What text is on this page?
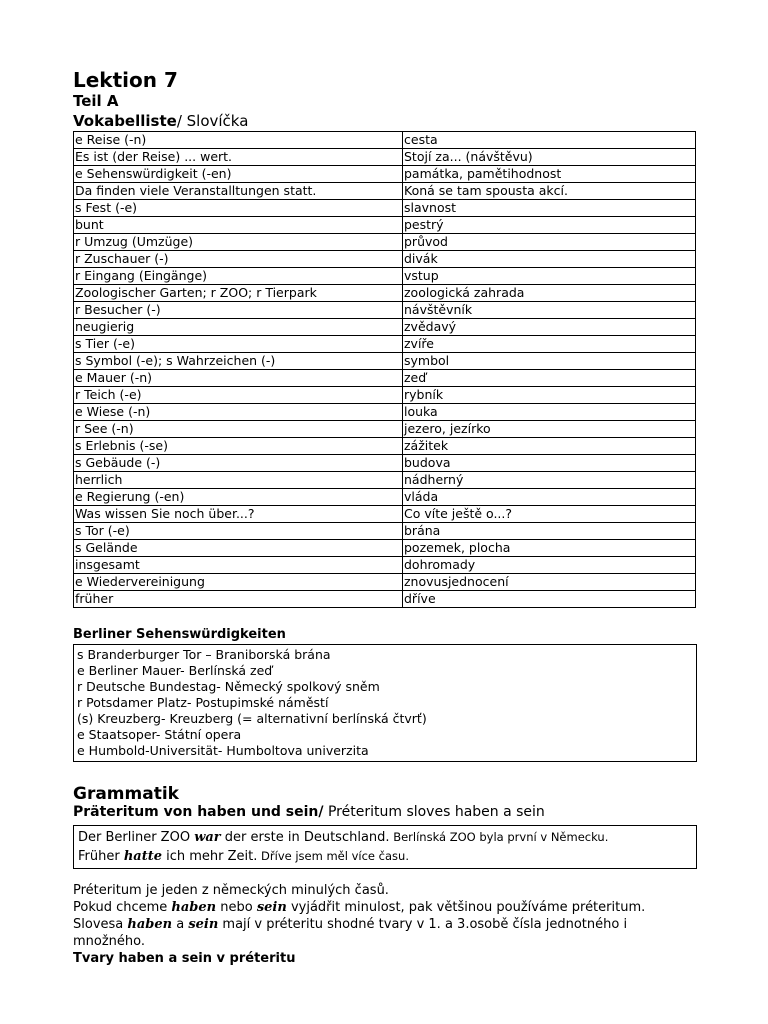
Lektion 7
Teil A
Vokabelliste/ Slovíčka
e Reise (-n)	cesta
Es ist (der Reise) ... wert.	Stojí za... (návštěvu)
e Sehenswürdigkeit (-en)	památka, pamětihodnost
Da finden viele Veranstalltungen statt.	Koná se tam spousta akcí.
s Fest (-e)	slavnost
bunt	pestrý
r Umzug (Umzüge)	průvod
r Zuschauer (-)	divák
r Eingang (Eingänge)	vstup
Zoologischer Garten; r ZOO; r Tierpark	zoologická zahrada
r Besucher (-)	návštěvník
neugierig	zvědavý
s Tier (-e)	zvíře
s Symbol (-e); s Wahrzeichen (-)	symbol
e Mauer (-n)	zeď
r Teich (-e)	rybník
e Wiese (-n)	louka
r See (-n)	jezero, jezírko
s Erlebnis (-se)	zážitek
s Gebäude (-)	budova
herrlich	nádherný
e Regierung (-en)	vláda
Was wissen Sie noch über...?	Co víte ještě o...?
s Tor (-e)	brána
s Gelände	pozemek, plocha
insgesamt	dohromady
e Wiedervereinigung	znovusjednocení
früher	dříve
Berliner Sehenswürdigkeiten
s Branderburger Tor – Braniborská brána
e Berliner Mauer- Berlínská zeď
r Deutsche Bundestag- Německý spolkový sněm
r Potsdamer Platz- Postupimské náměstí
(s) Kreuzberg- Kreuzberg (= alternativní berlínská čtvrť)
e Staatsoper- Státní opera
e Humbold-Universität- Humboltova univerzita
Grammatik
Präteritum von haben und sein/ Préteritum sloves haben a sein
Der Berliner ZOO war der erste in Deutschland. Berlínská ZOO byla první v Německu.
Früher hatte ich mehr Zeit. Dříve jsem měl více času.
Préteritum je jeden z německých minulých časů.
Pokud chceme haben nebo sein vyjádřit minulost, pak většinou používáme préteritum.
Slovesa haben a sein mají v préteritu shodné tvary v 1. a 3.osobě čísla jednotného i množného.
Tvary haben a sein v préteritu
